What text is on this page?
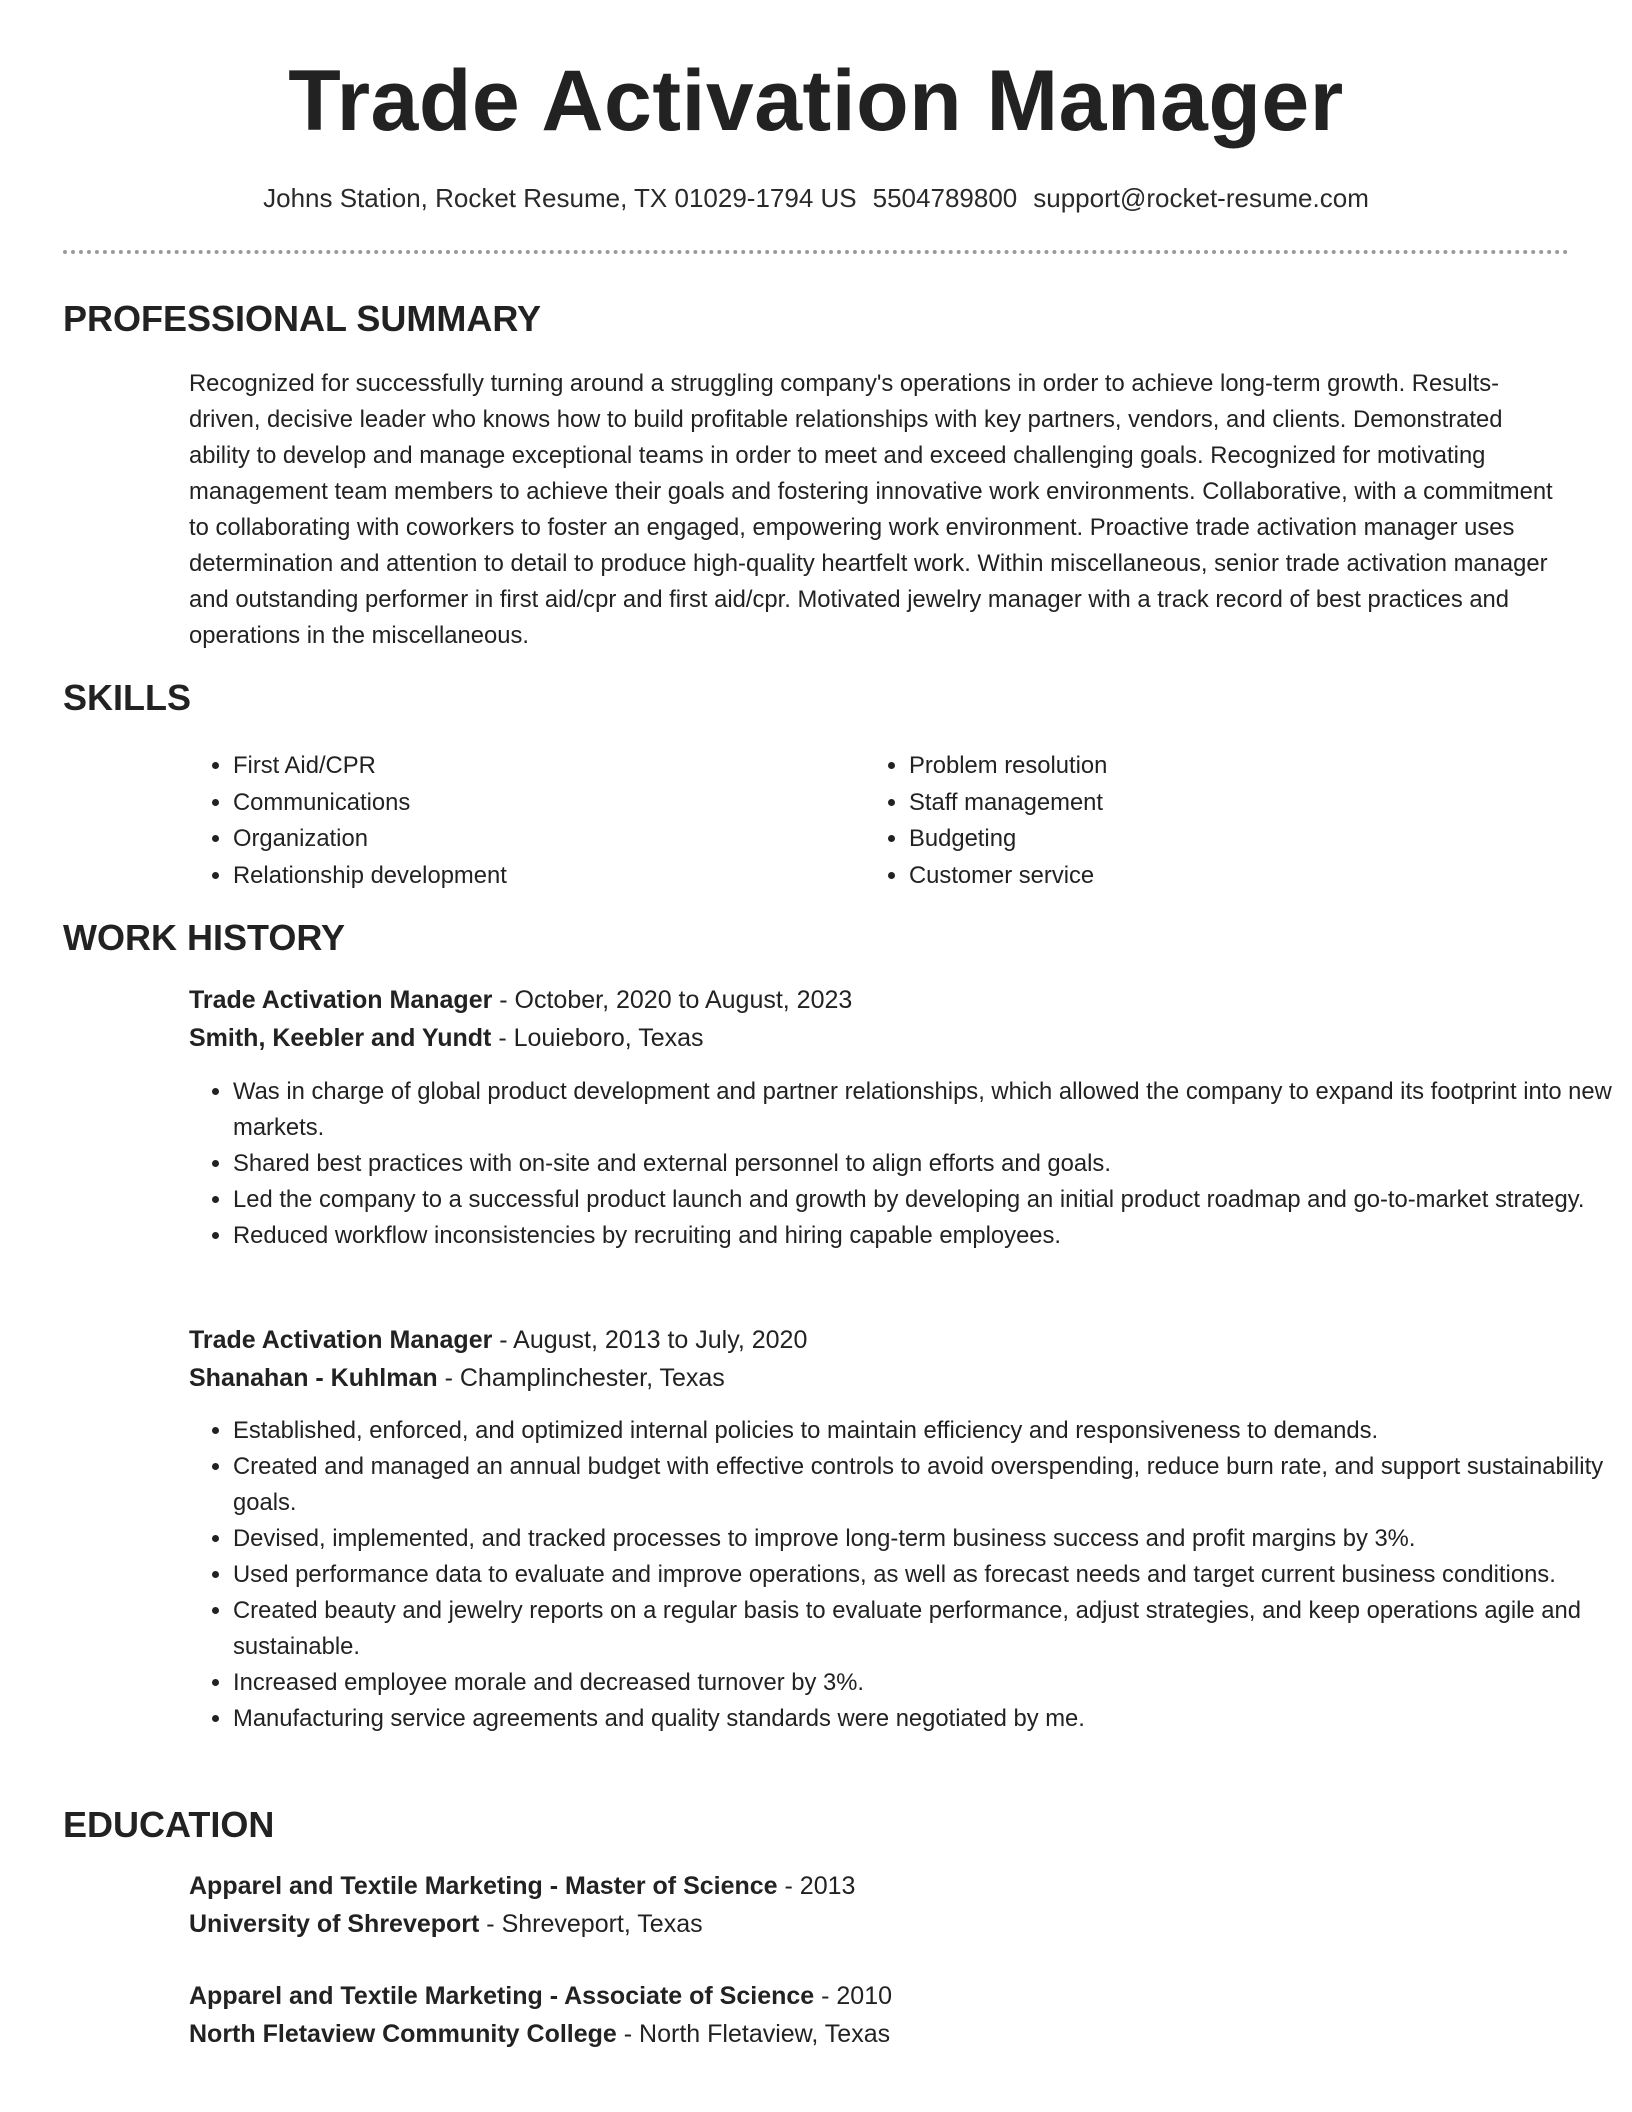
Trade Activation Manager
Johns Station, Rocket Resume, TX 01029-1794 US 5504789800 support@rocket-resume.com
PROFESSIONAL SUMMARY

Recognized for successfully turning around a struggling company's operations in order to achieve long-term growth. Results-driven, decisive leader who knows how to build profitable relationships with key partners, vendors, and clients. Demonstrated ability to develop and manage exceptional teams in order to meet and exceed challenging goals. Recognized for motivating management team members to achieve their goals and fostering innovative work environments. Collaborative, with a commitment to collaborating with coworkers to foster an engaged, empowering work environment. Proactive trade activation manager uses determination and attention to detail to produce high-quality heartfelt work. Within miscellaneous, senior trade activation manager and outstanding performer in first aid/cpr and first aid/cpr. Motivated jewelry manager with a track record of best practices and operations in the miscellaneous.

SKILLS
• First Aid/CPR
• Communications
• Organization
• Relationship development
• Problem resolution
• Staff management
• Budgeting
• Customer service
WORK HISTORY
Trade Activation Manager - October, 2020 to August, 2023
Smith, Keebler and Yundt - Louieboro, Texas
• Was in charge of global product development and partner relationships, which allowed the company to expand its footprint into new markets.
• Shared best practices with on-site and external personnel to align efforts and goals.
• Led the company to a successful product launch and growth by developing an initial product roadmap and go-to-market strategy.
• Reduced workflow inconsistencies by recruiting and hiring capable employees.
Trade Activation Manager - August, 2013 to July, 2020
Shanahan - Kuhlman - Champlinchester, Texas
• Established, enforced, and optimized internal policies to maintain efficiency and responsiveness to demands.
• Created and managed an annual budget with effective controls to avoid overspending, reduce burn rate, and support sustainability goals.
• Devised, implemented, and tracked processes to improve long-term business success and profit margins by 3%.
• Used performance data to evaluate and improve operations, as well as forecast needs and target current business conditions.
• Created beauty and jewelry reports on a regular basis to evaluate performance, adjust strategies, and keep operations agile and sustainable.
• Increased employee morale and decreased turnover by 3%.
• Manufacturing service agreements and quality standards were negotiated by me.
EDUCATION
Apparel and Textile Marketing - Master of Science - 2013
University of Shreveport - Shreveport, Texas
Apparel and Textile Marketing - Associate of Science - 2010
North Fletaview Community College - North Fletaview, Texas
